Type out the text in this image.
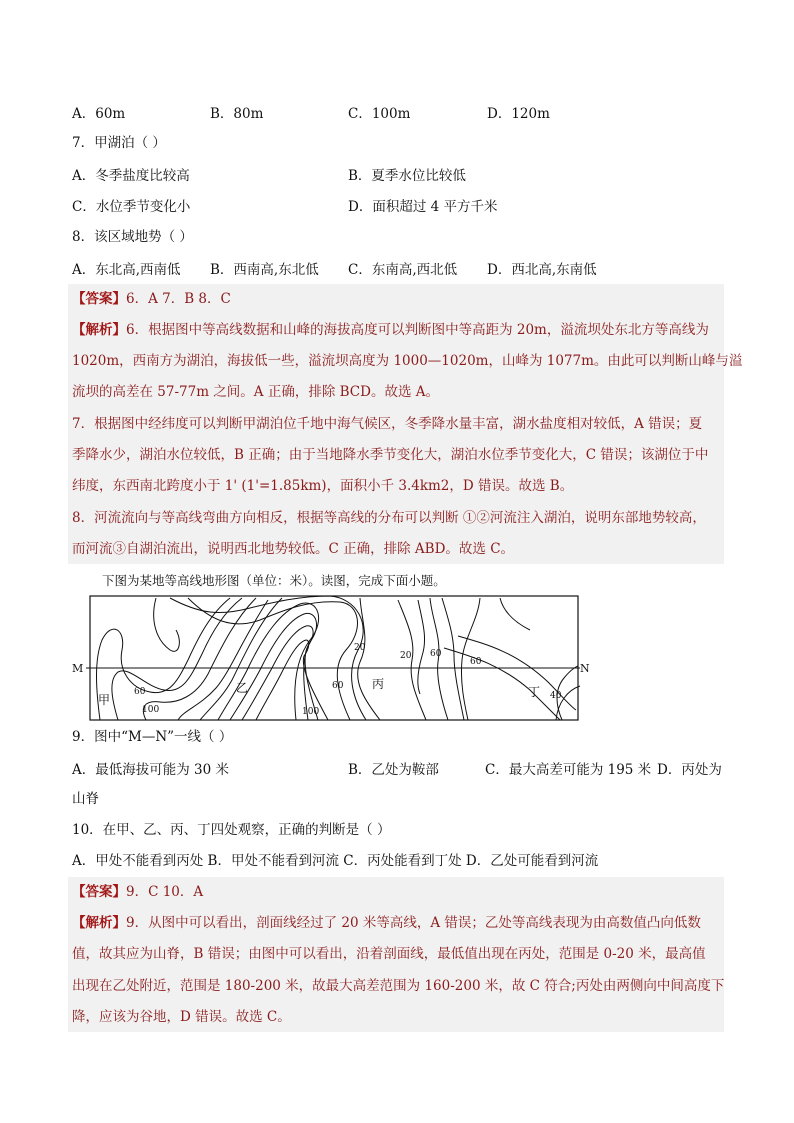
A．60m	B．80m	C．100m	D．120m
7．甲湖泊（ ）
A．冬季盐度比较高	B．夏季水位比较低
C．水位季节变化小	D．面积超过 4 平方千米
8．该区域地势（ ）
A．东北高,西南低 B．西南高,东北低 C．东南高,西北低 D．西北高,东南低
【答案】6．A 7．B 8．C
【解析】6．根据图中等高线数据和山峰的海拔高度可以判断图中等高距为 20m，溢流坝处东北方等高线为
1020m，西南方为湖泊，海拔低一些，溢流坝高度为 1000—1020m，山峰为 1077m。由此可以判断山峰与溢
流坝的高差在 57-77m 之间。A 正确，排除 BCD。故选 A。
7．根据图中经纬度可以判断甲湖泊位千地中海气候区，冬季降水量丰富，湖水盐度相对较低，A 错误；夏
季降水少，湖泊水位较低，B 正确；由于当地降水季节变化大，湖泊水位季节变化大，C 错误；该湖位于中
纬度，东西南北跨度小于 1' (1'=1.85km)，面积小千 3.4km2，D 错误。故选 B。
8．河流流向与等高线弯曲方向相反，根据等高线的分布可以判断 ①②河流注入湖泊，说明东部地势较高，
而河流③自湖泊流出，说明西北地势较低。C 正确，排除 ABD。故选 C。
下图为某地等高线地形图（单位：米）。读图，完成下面小题。
M	N
甲
乙	丙
丁
20
20 60
60
60
60
100	100
40
9．图中“M—N”一线（ ）
A．最低海拔可能为 30 米	B．乙处为鞍部	C．最大高差可能为 195 米 D．丙处为
山脊
10．在甲、乙、丙、丁四处观察，正确的判断是（ ）
A．甲处不能看到丙处 B．甲处不能看到河流 C．丙处能看到丁处 D．乙处可能看到河流
【答案】9．C 10．A
【解析】9．从图中可以看出，剖面线经过了 20 米等高线，A 错误；乙处等高线表现为由高数值凸向低数
值，故其应为山脊，B 错误；由图中可以看出，沿着剖面线，最低值出现在丙处，范围是 0-20 米，最高值
出现在乙处附近，范围是 180-200 米，故最大高差范围为 160-200 米，故 C 符合;丙处由两侧向中间高度下
降，应该为谷地，D 错误。故选 C。
